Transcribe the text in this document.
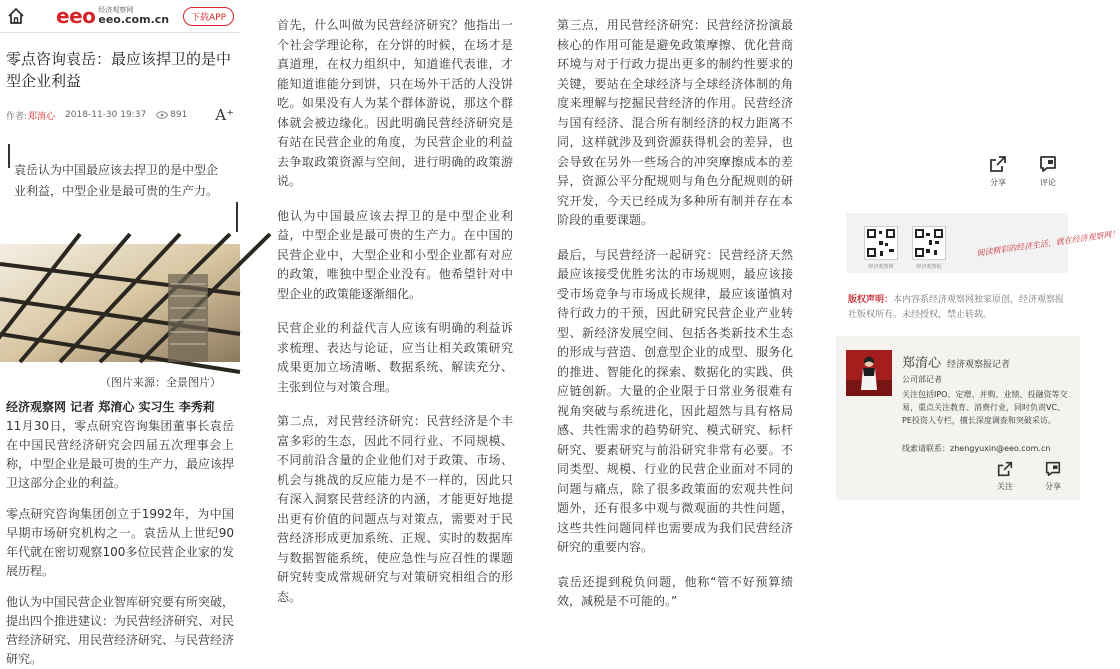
eeo 经济观察网
eeo.com.cn	下载APP
零点咨询袁岳：最应该捍卫的是中型企业利益
作者: 郑淯心 2018-11-30 19:37	891 A⁺
袁岳认为中国最应该去捍卫的是中型企业利益，中型企业是最可贵的生产力。
（图片来源：全景图片）
经济观察网 记者 郑淯心 实习生 李秀莉
11月30日，零点研究咨询集团董事长袁岳在中国民营经济研究会四届五次理事会上称，中型企业是最可贵的生产力，最应该捍卫这部分企业的利益。
零点研究咨询集团创立于1992年，为中国早期市场研究机构之一。袁岳从上世纪90年代就在密切观察100多位民营企业家的发展历程。
他认为中国民营企业智库研究要有所突破，提出四个推进建议：为民营经济研究、对民营经济研究、用民营经济研究、与民营经济研究。
首先，什么叫做为民营经济研究？他指出一个社会学理论称，在分饼的时候，在场才是真道理，在权力组织中，知道谁代表谁，才能知道谁能分到饼，只在场外干活的人没饼吃。如果没有人为某个群体游说，那这个群体就会被边缘化。因此明确民营经济研究是有站在民营企业的角度，为民营企业的利益去争取政策资源与空间，进行明确的政策游说。
他认为中国最应该去捍卫的是中型企业利益，中型企业是最可贵的生产力。在中国的民营企业中，大型企业和小型企业都有对应的政策，唯独中型企业没有。他希望针对中型企业的政策能逐渐细化。
民营企业的利益代言人应该有明确的利益诉求梳理、表达与论证，应当让相关政策研究成果更加立场清晰、数据系统、解读充分、主张到位与对策合理。
第二点，对民营经济研究：民营经济是个丰富多彩的生态，因此不同行业、不同规模、不同前沿含量的企业他们对于政策、市场、机会与挑战的反应能力是不一样的，因此只有深入洞察民营经济的内涵，才能更好地提出更有价值的问题点与对策点，需要对于民营经济形成更加系统、正规、实时的数据库与数据智能系统，使应急性与应召性的课题研究转变成常规研究与对策研究相组合的形态。
第三点，用民营经济研究：民营经济扮演最核心的作用可能是避免政策摩擦、优化营商环境与对于行政力提出更多的制约性要求的关键，要站在全球经济与全球经济体制的角度来理解与挖掘民营经济的作用。民营经济与国有经济、混合所有制经济的权力距离不同，这样就涉及到资源获得机会的差异，也会导致在另外一些场合的冲突摩擦成本的差异，资源公平分配规则与角色分配规则的研究开发，今天已经成为多种所有制并存在本阶段的重要课题。
最后，与民营经济一起研究：民营经济天然最应该接受优胜劣汰的市场规则，最应该接受市场竞争与市场成长规律，最应该谨慎对待行政力的干预，因此研究民营企业产业转型、新经济发展空间、包括各类新技术生态的形成与营造、创意型企业的成型、服务化的推进、智能化的探索、数据化的实践、供应链创新。大量的企业限于日常业务很难有视角突破与系统进化，因此超然与具有格局感、共性需求的趋势研究、模式研究、标杆研究、要素研究与前沿研究非常有必要。不同类型、规模、行业的民营企业面对不同的问题与痛点，除了很多政策面的宏观共性问题外，还有很多中观与微观面的共性问题，这些共性问题同样也需要成为我们民营经济研究的重要内容。
袁岳还提到税负问题，他称“管不好预算绩效，减税是不可能的。”
分享	评论
经济观察网	经济观察报
阅读精彩的经济生活，就在经济观察网！
版权声明：本内容系经济观察网独家原创，经济观察报社版权所有。未经授权，禁止转载。
郑淯心 经济观察报记者
公司部记者
关注包括IPO、定增、并购、业绩、投融资等交易，重点关注教育、消费行业，同时负责VC、PE投资人专栏，擅长深度调查和突破采访。
线索请联系：zhengyuxin@eeo.com.cn
关注	分享
